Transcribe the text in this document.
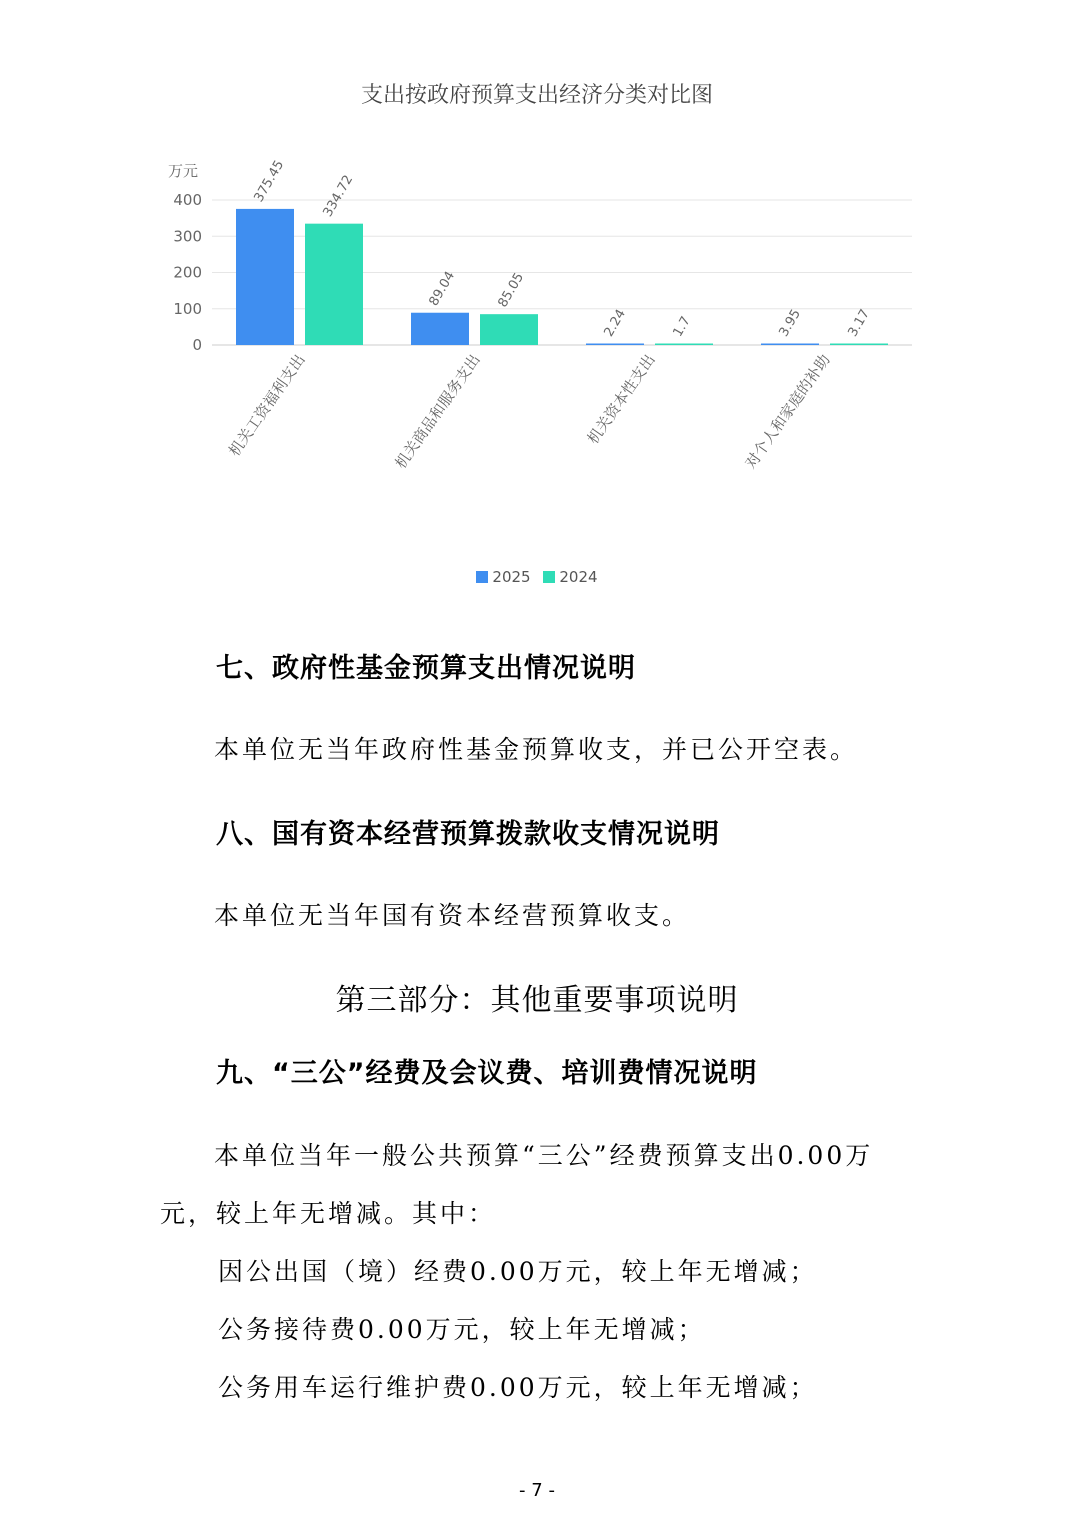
支出按政府预算支出经济分类对比图
万元
0
100
200
300
400	375.45	334.72
机关工资福利支出
89.04	85.05
机关商品和服务支出
2.24	1.7
机关资本性支出
3.95	3.17
对个人和家庭的补助
2025 2024
七、政府性基金预算支出情况说明
本单位无当年政府性基金预算收支，并已公开空表。
八、国有资本经营预算拨款收支情况说明
本单位无当年国有资本经营预算收支。
第三部分：其他重要事项说明
九、“三公”经费及会议费、培训费情况说明
本单位当年一般公共预算“三公”经费预算支出0.00万
元，较上年无增减。其中：
因公出国（境）经费0.00万元，较上年无增减；
公务接待费0.00万元，较上年无增减；
公务用车运行维护费0.00万元，较上年无增减；
- 7 -
